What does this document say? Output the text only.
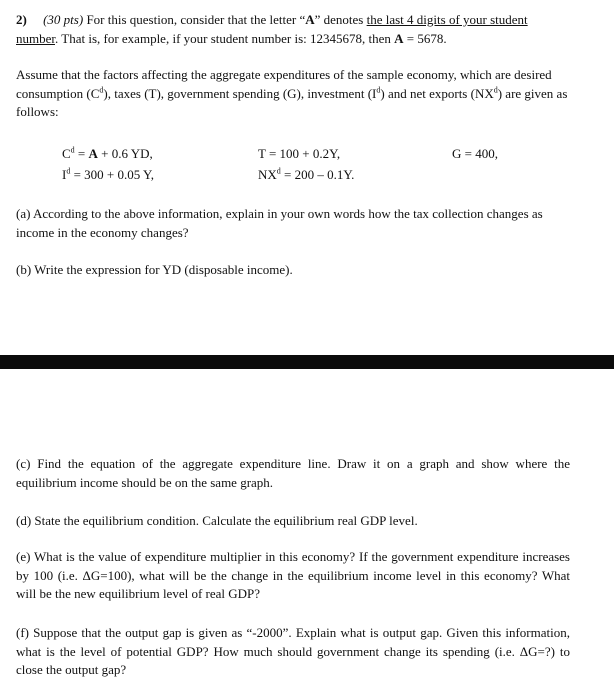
2) (30 pts) For this question, consider that the letter “A” denotes the last 4 digits of your student number. That is, for example, if your student number is: 12345678, then A = 5678.
Assume that the factors affecting the aggregate expenditures of the sample economy, which are desired consumption $(C^d)$, taxes (T), government spending (G), investment $(I^d)$ and net exports $(NX^d)$ are given as follows:
$C^d = A + 0.6$ YD,
$I^d = 300 + 0.05$ Y,
T = 100 + 0.2Y,
$NX^d = 200 - 0.1Y$.
G = 400,
(a) According to the above information, explain in your own words how the tax collection changes as income in the economy changes?
(b) Write the expression for YD (disposable income).
(c) Find the equation of the aggregate expenditure line. Draw it on a graph and show where the equilibrium income should be on the same graph.
(d) State the equilibrium condition. Calculate the equilibrium real GDP level.
(e) What is the value of expenditure multiplier in this economy? If the government expenditure increases by 100 (i.e. ΔG=100), what will be the change in the equilibrium income level in this economy? What will be the new equilibrium level of real GDP?
(f) Suppose that the output gap is given as “-2000”. Explain what is output gap. Given this information, what is the level of potential GDP? How much should government change its spending (i.e. ΔG=?) to close the output gap?
